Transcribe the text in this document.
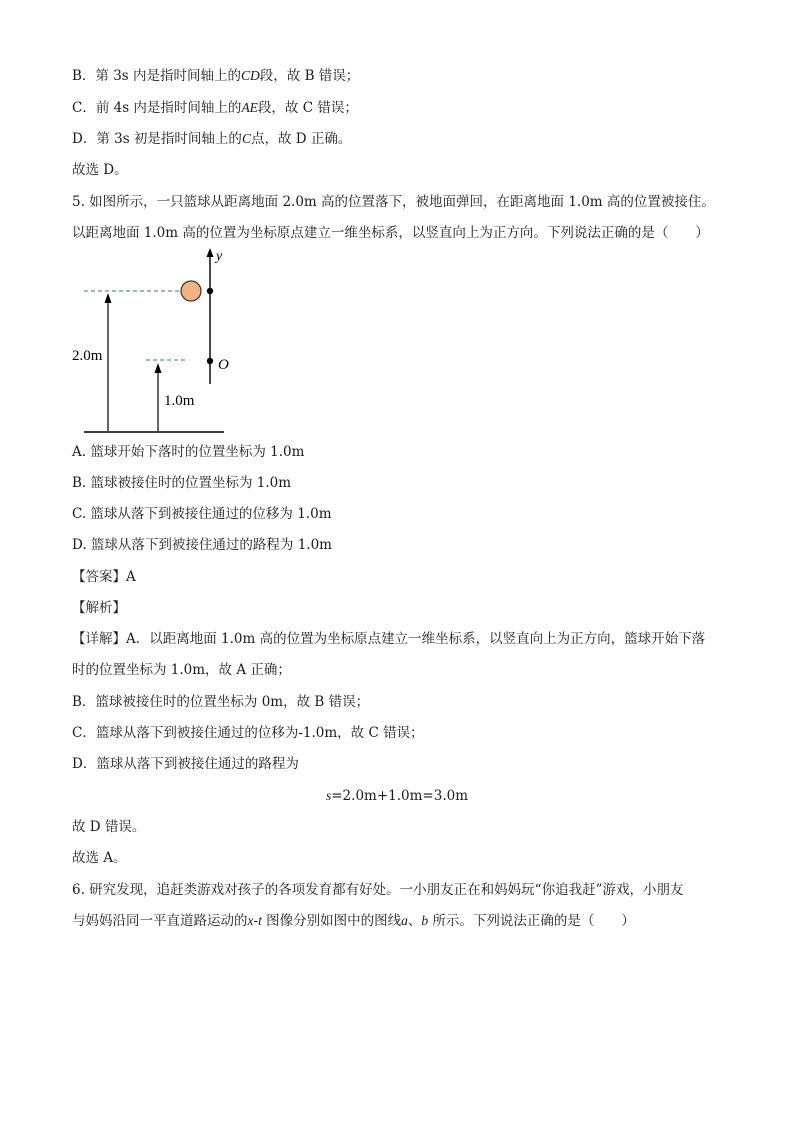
B．第 3s 内是指时间轴上的CD段，故 B 错误；
C．前 4s 内是指时间轴上的AE段，故 C 错误；
D．第 3s 初是指时间轴上的C点，故 D 正确。
故选 D。
5. 如图所示，一只篮球从距离地面 2.0m 高的位置落下，被地面弹回，在距离地面 1.0m 高的位置被接住。
以距离地面 1.0m 高的位置为坐标原点建立一维坐标系，以竖直向上为正方向。下列说法正确的是（　　）
y
O
2.0m
1.0m
A. 篮球开始下落时的位置坐标为 1.0m
B. 篮球被接住时的位置坐标为 1.0m
C. 篮球从落下到被接住通过的位移为 1.0m
D. 篮球从落下到被接住通过的路程为 1.0m
【答案】A
【解析】
【详解】A．以距离地面 1.0m 高的位置为坐标原点建立一维坐标系，以竖直向上为正方向，篮球开始下落
时的位置坐标为 1.0m，故 A 正确；
B．篮球被接住时的位置坐标为 0m，故 B 错误；
C．篮球从落下到被接住通过的位移为-1.0m，故 C 错误；
D．篮球从落下到被接住通过的路程为
s=2.0m+1.0m=3.0m
故 D 错误。
故选 A。
6. 研究发现，追赶类游戏对孩子的各项发育都有好处。一小朋友正在和妈妈玩“你追我赶”游戏，小朋友
与妈妈沿同一平直道路运动的x-t 图像分别如图中的图线a、b 所示。下列说法正确的是（　　）
